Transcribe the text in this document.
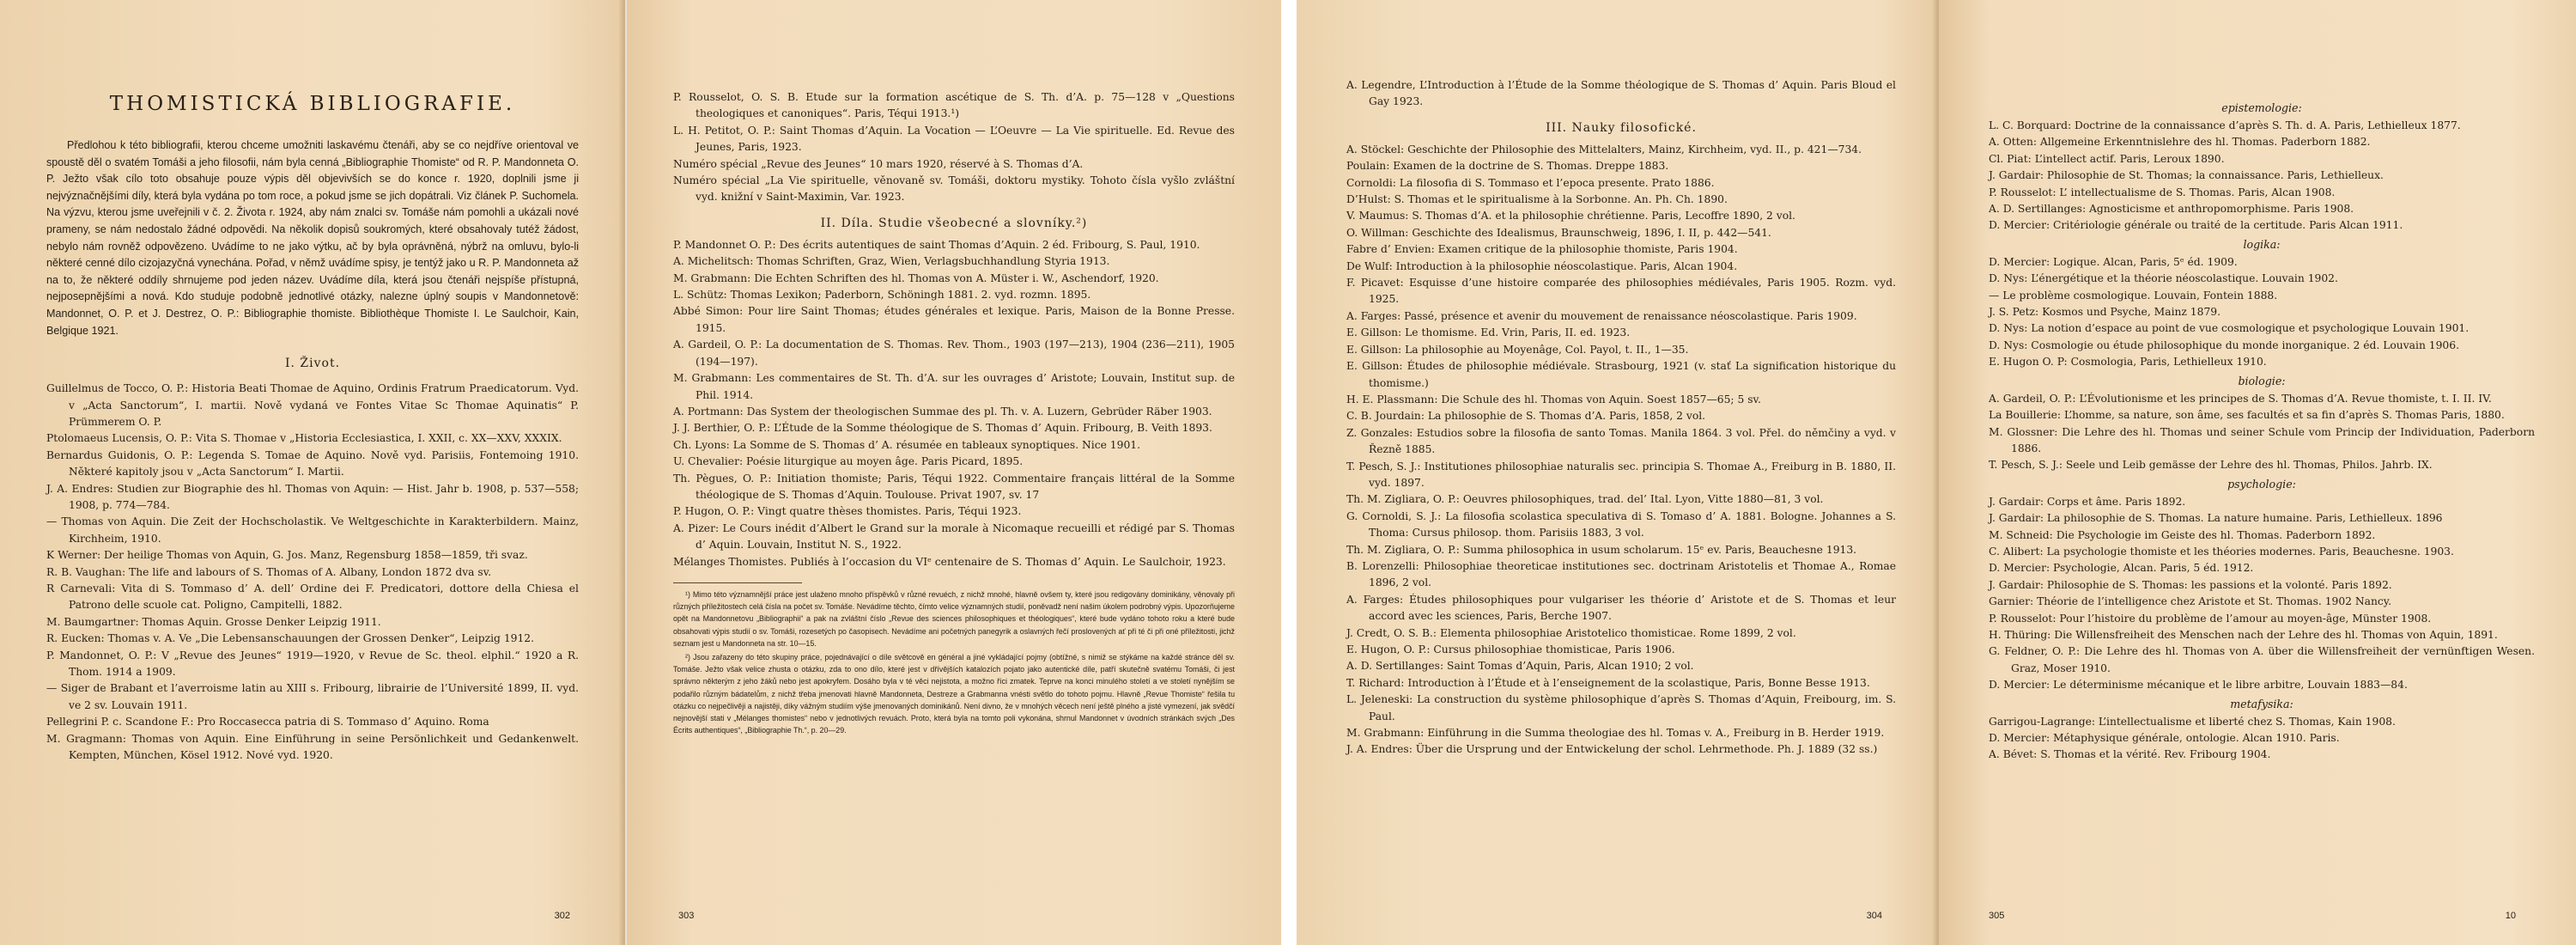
THOMISTICKÁ BIBLIOGRAFIE.

Předlohou k této bibliografii, kterou chceme umožniti laskavému čtenáři, aby se co nejdříve orientoval ve spoustě děl o svatém Tomáši a jeho filosofii, nám byla cenná „Bibliographie Thomiste“ od R. P. Mandonneta O. P. Ježto však cílo toto obsahuje pouze výpis děl objevivších se do konce r. 1920, doplnili jsme ji nejvýznačnějšími díly, která byla vydána po tom roce, a pokud jsme se jich dopátrali. Viz článek P. Suchomela. Na výzvu, kterou jsme uveřejnili v č. 2. Života r. 1924, aby nám znalci sv. Tomáše nám pomohli a ukázali nové prameny, se nám nedostalo žádné odpovědi. Na několik dopisů soukromých, které obsahovaly tutéž žádost, nebylo nám rovněž odpovězeno. Uvádíme to ne jako výtku, ač by byla oprávněná, nýbrž na omluvu, bylo-li některé cenné dílo cizojazyčná vynechána. Pořad, v němž uvádíme spisy, je tentýž jako u R. P. Mandonneta až na to, že některé oddíly shrnujeme pod jeden název. Uvádíme díla, která jsou čtenáři nejspíše přístupná, nejposepnějšími a nová. Kdo studuje podobně jednotlivé otázky, nalezne úplný soupis v Mandonnetově: Mandonnet, O. P. et J. Destrez, O. P.: Bibliographie thomiste. Bibliothèque Thomiste I. Le Saulchoir, Kain, Belgique 1921.

I. Život.
Guillelmus de Tocco, O. P.: Historia Beati Thomae de Aquino, Ordinis Fratrum Praedicatorum. Vyd. v „Acta Sanctorum“, I. martii. Nově vydaná ve Fontes Vitae Sc Thomae Aquinatis“ P. Prümmerem O. P.
Ptolomaeus Lucensis, O. P.: Vita S. Thomae v „Historia Ecclesiastica, I. XXII, c. XX—XXV, XXXIX.
Bernardus Guidonis, O. P.: Legenda S. Tomae de Aquino. Nově vyd. Parisiis, Fontemoing 1910. Některé kapitoly jsou v „Acta Sanctorum“ I. Martii.
J. A. Endres: Studien zur Biographie des hl. Thomas von Aquin: — Hist. Jahr b. 1908, p. 537—558; 1908, p. 774—784.
— Thomas von Aquin. Die Zeit der Hochscholastik. Ve Weltgeschichte in Karakterbildern. Mainz, Kirchheim, 1910.
K Werner: Der heilige Thomas von Aquin, G. Jos. Manz, Regensburg 1858—1859, tři svaz.
R. B. Vaughan: The life and labours of S. Thomas of A. Albany, London 1872 dva sv.
R Carnevali: Vita di S. Tommaso d’ A. dell’ Ordine dei F. Predicatori, dottore della Chiesa el Patrono delle scuole cat. Poligno, Campitelli, 1882.
M. Baumgartner: Thomas Aquin. Grosse Denker Leipzig 1911.
R. Eucken: Thomas v. A. Ve „Die Lebensanschauungen der Grossen Denker“, Leipzig 1912.
P. Mandonnet, O. P.: V „Revue des Jeunes“ 1919—1920, v Revue de Sc. theol. elphil.“ 1920 a R. Thom. 1914 a 1909.
— Siger de Brabant et l’averroisme latin au XIII s. Fribourg, librairie de l’Université 1899, II. vyd. ve 2 sv. Louvain 1911.
Pellegrini P. c. Scandone F.: Pro Roccasecca patria di S. Tommaso d’ Aquino. Roma
M. Gragmann: Thomas von Aquin. Eine Einführung in seine Persönlichkeit und Gedankenwelt. Kempten, München, Kösel 1912. Nové vyd. 1920.
302
P. Rousselot, O. S. B. Etude sur la formation ascétique de S. Th. d’A. p. 75—128 v „Questions theologiques et canoniques“. Paris, Téqui 1913.¹)
L. H. Petitot, O. P.: Saint Thomas d’Aquin. La Vocation — L’Oeuvre — La Vie spirituelle. Ed. Revue des Jeunes, Paris, 1923.
Numéro spécial „Revue des Jeunes“ 10 mars 1920, réservé à S. Thomas d’A.
Numéro spécial „La Vie spirituelle, věnovaně sv. Tomáši, doktoru mystiky. Tohoto čísla vyšlo zvláštní vyd. knižní v Saint-Maximin, Var. 1923.
II. Díla. Studie všeobecné a slovníky.²)
P. Mandonnet O. P.: Des écrits autentiques de saint Thomas d’Aquin. 2 éd. Fribourg, S. Paul, 1910.
A. Michelitsch: Thomas Schriften, Graz, Wien, Verlagsbuchhandlung Styria 1913.
M. Grabmann: Die Echten Schriften des hl. Thomas von A. Müster i. W., Aschendorf, 1920.
L. Schütz: Thomas Lexikon; Paderborn, Schöningh 1881. 2. vyd. rozmn. 1895.
Abbé Simon: Pour lire Saint Thomas; études générales et lexique. Paris, Maison de la Bonne Presse. 1915.
A. Gardeil, O. P.: La documentation de S. Thomas. Rev. Thom., 1903 (197—213), 1904 (236—211), 1905 (194—197).
M. Grabmann: Les commentaires de St. Th. d’A. sur les ouvrages d’ Aristote; Louvain, Institut sup. de Phil. 1914.
A. Portmann: Das System der theologischen Summae des pl. Th. v. A. Luzern, Gebrüder Räber 1903.
J. J. Berthier, O. P.: L’Étude de la Somme théologique de S. Thomas d’ Aquin. Fribourg, B. Veith 1893.
Ch. Lyons: La Somme de S. Thomas d’ A. résumée en tableaux synoptiques. Nice 1901.
U. Chevalier: Poésie liturgique au moyen âge. Paris Picard, 1895.
Th. Pègues, O. P.: Initiation thomiste; Paris, Téqui 1922. Commentaire français littéral de la Somme théologique de S. Thomas d’Aquin. Toulouse. Privat 1907, sv. 17
P. Hugon, O. P.: Vingt quatre thèses thomistes. Paris, Téqui 1923.
A. Pizer: Le Cours inédit d’Albert le Grand sur la morale à Nicomaque recueilli et rédigé par S. Thomas d’ Aquin. Louvain, Institut N. S., 1922.
Mélanges Thomistes. Publiés à l’occasion du VIᵉ centenaire de S. Thomas d’ Aquin. Le Saulchoir, 1923.

¹) Mimo této významnější práce jest ulaženo mnoho příspěvků v různé revuéch, z nichž mnohé, hlavně ovšem ty, které jsou redigovány dominikány, věnovaly při různých příležitostech celá čísla na počet sv. Tomáše. Nevádíme těchto, čímto velice významných studií, poněvadž není našim úkolem podrobný výpis. Upozorňujeme opět na Mandonnetovu „Bibliographii“ a pak na zvláštní číslo „Revue des sciences philosophiques et théologiques“, které bude vydáno tohoto roku a které bude obsahovati výpis studií o sv. Tomáši, rozesetých po časopisech. Nevádíme ani početných panegyrik a oslavných řečí proslovených ať při té či při oné příležitosti, jichž seznam jest u Mandonneta na str. 10—15.

²) Jsou zařazeny do této skupiny práce, pojednávající o díle světcově en général a jiné vykládající pojmy (obtížné, s nimiž se stýkáme na každé stránce děl sv. Tomáše. Ježto však velice zhusta o otázku, zda to ono dílo, které jest v dřívějších katalozích pojato jako autentické díle, patří skutečně svatému Tomáši, či jest správno některým z jeho žáků nebo jest apokryfem. Dosáho byla v té věci nejistota, a možno říci zmatek. Teprve na konci minulého století a ve století nynějším se podařilo různým bádatelům, z nichž třeba jmenovati hlavně Mandonneta, Destreze a Grabmanna vnésti světlo do tohoto pojmu. Hlavně „Revue Thomiste“ řešila tu otázku co nejpečlivěji a najistěji, díky vážným studiím výše jmenovaných dominikánů. Není divno, že v mnohých věcech není ještě plného a jisté vymezení, jak svědčí nejnovější stati v „Mélanges thomistes“ nebo v jednotlivých revuách. Proto, která byla na tomto poli vykonána, shrnul Mandonnet v úvodních stránkách svých „Des Écrits authentiques“, „Bibliographie Th.“, p. 20—29.

303
A. Legendre, L’Introduction à l’Étude de la Somme théologique de S. Thomas d’ Aquin. Paris Bloud el Gay 1923.
III. Nauky filosofické.
A. Stöckel: Geschichte der Philosophie des Mittelalters, Mainz, Kirchheim, vyd. II., p. 421—734.
Poulain: Examen de la doctrine de S. Thomas. Dreppe 1883.
Cornoldi: La filosofia di S. Tommaso et l’epoca presente. Prato 1886.
D’Hulst: S. Thomas et le spiritualisme à la Sorbonne. An. Ph. Ch. 1890.
V. Maumus: S. Thomas d’A. et la philosophie chrétienne. Paris, Lecoffre 1890, 2 vol.
O. Willman: Geschichte des Idealismus, Braunschweig, 1896, I. II, p. 442—541.
Fabre d’ Envien: Examen critique de la philosophie thomiste, Paris 1904.
De Wulf: Introduction à la philosophie néoscolastique. Paris, Alcan 1904.
F. Picavet: Esquisse d’une histoire comparée des philosophies médiévales, Paris 1905. Rozm. vyd. 1925.
A. Farges: Passé, présence et avenir du mouvement de renaissance néoscolastique. Paris 1909.
E. Gillson: Le thomisme. Ed. Vrin, Paris, II. ed. 1923.
E. Gillson: La philosophie au Moyenâge, Col. Payol, t. II., 1—35.
E. Gillson: Études de philosophie médiévale. Strasbourg, 1921 (v. stať La signification historique du thomisme.)
H. E. Plassmann: Die Schule des hl. Thomas von Aquin. Soest 1857—65; 5 sv.
C. B. Jourdain: La philosophie de S. Thomas d’A. Paris, 1858, 2 vol.
Z. Gonzales: Estudios sobre la filosofia de santo Tomas. Manila 1864. 3 vol. Přel. do němčiny a vyd. v Řezně 1885.
T. Pesch, S. J.: Institutiones philosophiae naturalis sec. principia S. Thomae A., Freiburg in B. 1880, II. vyd. 1897.
Th. M. Zigliara, O. P.: Oeuvres philosophiques, trad. del’ Ital. Lyon, Vitte 1880—81, 3 vol.
G. Cornoldi, S. J.: La filosofia scolastica speculativa di S. Tomaso d’ A. 1881. Bologne. Johannes a S. Thoma: Cursus philosop. thom. Parisiis 1883, 3 vol.
Th. M. Zigliara, O. P.: Summa philosophica in usum scholarum. 15ᵉ ev. Paris, Beauchesne 1913.
B. Lorenzelli: Philosophiae theoreticae institutiones sec. doctrinam Aristotelis et Thomae A., Romae 1896, 2 vol.
A. Farges: Études philosophiques pour vulgariser les théorie d’ Aristote et de S. Thomas et leur accord avec les sciences, Paris, Berche 1907.
J. Credt, O. S. B.: Elementa philosophiae Aristotelico thomisticae. Rome 1899, 2 vol.
E. Hugon, O. P.: Cursus philosophiae thomisticae, Paris 1906.
A. D. Sertillanges: Saint Tomas d’Aquin, Paris, Alcan 1910; 2 vol.
T. Richard: Introduction à l’Étude et à l’enseignement de la scolastique, Paris, Bonne Besse 1913.
L. Jeleneski: La construction du système philosophique d’après S. Thomas d’Aquin, Freibourg, im. S. Paul.
M. Grabmann: Einführung in die Summa theologiae des hl. Tomas v. A., Freiburg in B. Herder 1919.
J. A. Endres: Über die Ursprung und der Entwickelung der schol. Lehrmethode. Ph. J. 1889 (32 ss.)
304
epistemologie:
L. C. Borquard: Doctrine de la connaissance d’après S. Th. d. A. Paris, Lethielleux 1877.
A. Otten: Allgemeine Erkenntnislehre des hl. Thomas. Paderborn 1882.
Cl. Piat: L’intellect actif. Paris, Leroux 1890.
J. Gardair: Philosophie de St. Thomas; la connaissance. Paris, Lethielleux.
P. Rousselot: L’ intellectualisme de S. Thomas. Paris, Alcan 1908.
A. D. Sertillanges: Agnosticisme et anthropomorphisme. Paris 1908.
D. Mercier: Critériologie générale ou traité de la certitude. Paris Alcan 1911.
logika:
D. Mercier: Logique. Alcan, Paris, 5ᵉ éd. 1909.
D. Nys: L’énergétique et la théorie néoscolastique. Louvain 1902.
— Le problème cosmologique. Louvain, Fontein 1888.
J. S. Petz: Kosmos und Psyche, Mainz 1879.
D. Nys: La notion d’espace au point de vue cosmologique et psychologique Louvain 1901.
D. Nys: Cosmologie ou étude philosophique du monde inorganique. 2 éd. Louvain 1906.
E. Hugon O. P: Cosmologia, Paris, Lethielleux 1910.
biologie:
A. Gardeil, O. P.: L’Évolutionisme et les principes de S. Thomas d’A. Revue thomiste, t. I. II. IV.
La Bouillerie: L’homme, sa nature, son âme, ses facultés et sa fin d’après S. Thomas Paris, 1880.
M. Glossner: Die Lehre des hl. Thomas und seiner Schule vom Princip der Individuation, Paderborn 1886.
T. Pesch, S. J.: Seele und Leib gemässe der Lehre des hl. Thomas, Philos. Jahrb. IX.
psychologie:
J. Gardair: Corps et âme. Paris 1892.
J. Gardair: La philosophie de S. Thomas. La nature humaine. Paris, Lethielleux. 1896
M. Schneid: Die Psychologie im Geiste des hl. Thomas. Paderborn 1892.
C. Alibert: La psychologie thomiste et les théories modernes. Paris, Beauchesne. 1903.
D. Mercier: Psychologie, Alcan. Paris, 5 éd. 1912.
J. Gardair: Philosophie de S. Thomas: les passions et la volonté. Paris 1892.
Garnier: Théorie de l’intelligence chez Aristote et St. Thomas. 1902 Nancy.
P. Rousselot: Pour l’histoire du problème de l’amour au moyen-âge, Münster 1908.
H. Thüring: Die Willensfreiheit des Menschen nach der Lehre des hl. Thomas von Aquin, 1891.
G. Feldner, O. P.: Die Lehre des hl. Thomas von A. über die Willensfreiheit der vernünftigen Wesen. Graz, Moser 1910.
D. Mercier: Le déterminisme mécanique et le libre arbitre, Louvain 1883—84.
metafysika:
Garrigou-Lagrange: L’intellectualisme et liberté chez S. Thomas, Kain 1908.
D. Mercier: Métaphysique générale, ontologie. Alcan 1910. Paris.
A. Bévet: S. Thomas et la vérité. Rev. Fribourg 1904.
305	10
